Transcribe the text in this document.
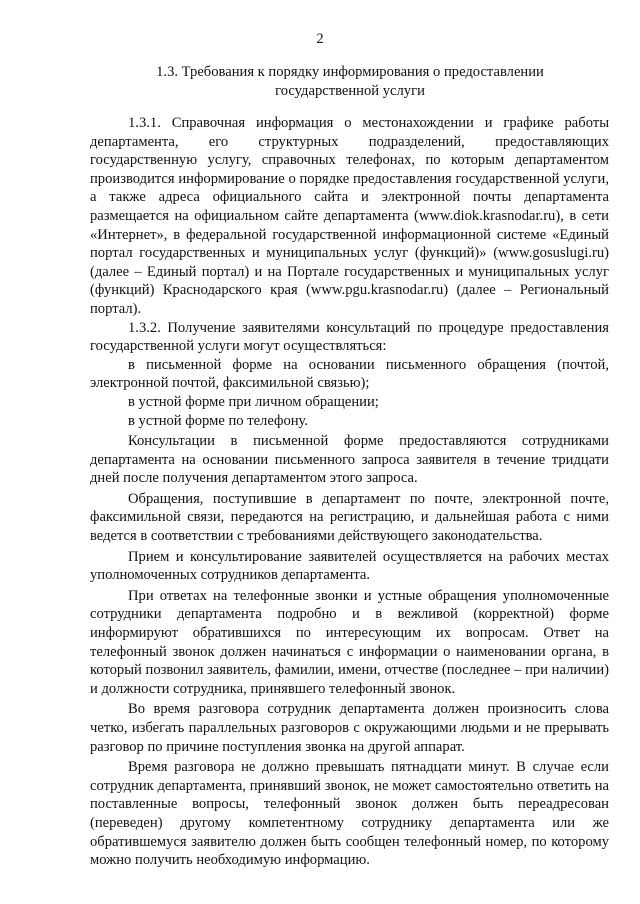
2
1.3. Требования к порядку информирования о предоставлении
государственной услуги

1.3.1. Справочная информация о местонахождении и графике работы департамента, его структурных подразделений, предоставляющих государственную услугу, справочных телефонах, по которым департаментом производится информирование о порядке предоставления государственной услуги, а также адреса официального сайта и электронной почты департамента размещается на официальном сайте департамента (www.diok.krasnodar.ru), в сети «Интернет», в федеральной государственной информационной системе «Единый портал государственных и муниципальных услуг (функций)» (www.gosuslugi.ru) (далее – Единый портал) и на Портале государственных и муниципальных услуг (функций) Краснодарского края (www.pgu.krasnodar.ru) (далее – Региональный портал).

1.3.2. Получение заявителями консультаций по процедуре предоставления государственной услуги могут осуществляться:

в письменной форме на основании письменного обращения (почтой, электронной почтой, факсимильной связью);

в устной форме при личном обращении;

в устной форме по телефону.

Консультации в письменной форме предоставляются сотрудниками департамента на основании письменного запроса заявителя в течение тридцати дней после получения департаментом этого запроса.

Обращения, поступившие в департамент по почте, электронной почте, факсимильной связи, передаются на регистрацию, и дальнейшая работа с ними ведется в соответствии с требованиями действующего законодательства.

Прием и консультирование заявителей осуществляется на рабочих местах уполномоченных сотрудников департамента.

При ответах на телефонные звонки и устные обращения уполномоченные сотрудники департамента подробно и в вежливой (корректной) форме информируют обратившихся по интересующим их вопросам. Ответ на телефонный звонок должен начинаться с информации о наименовании органа, в который позвонил заявитель, фамилии, имени, отчестве (последнее – при наличии) и должности сотрудника, принявшего телефонный звонок.

Во время разговора сотрудник департамента должен произносить слова четко, избегать параллельных разговоров с окружающими людьми и не прерывать разговор по причине поступления звонка на другой аппарат.

Время разговора не должно превышать пятнадцати минут. В случае если сотрудник департамента, принявший звонок, не может самостоятельно ответить на поставленные вопросы, телефонный звонок должен быть переадресован (переведен) другому компетентному сотруднику департамента или же обратившемуся заявителю должен быть сообщен телефонный номер, по которому можно получить необходимую информацию.
